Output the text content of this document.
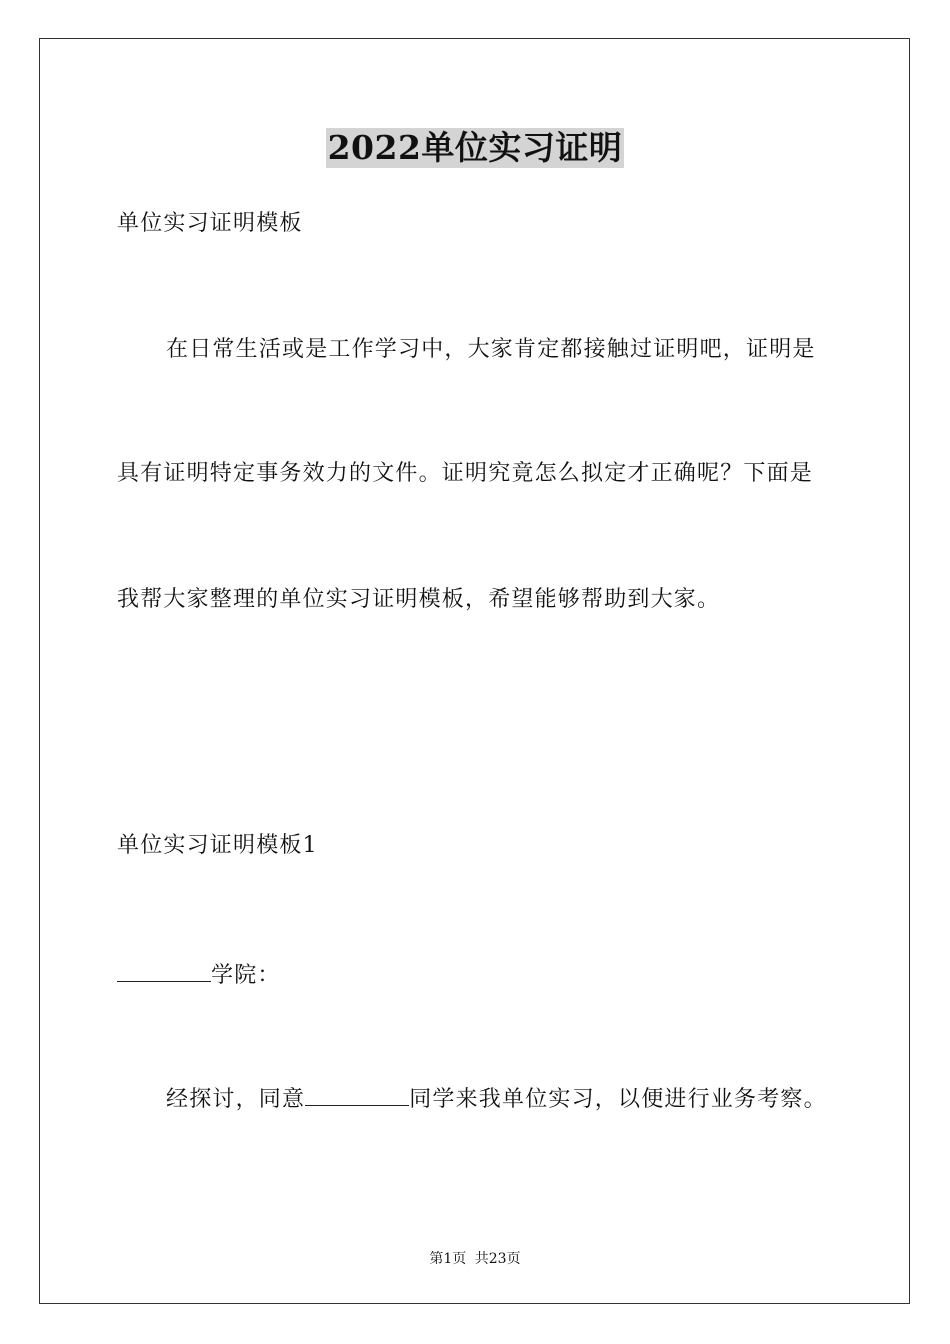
2022单位实习证明
单位实习证明模板
在日常生活或是工作学习中，大家肯定都接触过证明吧，证明是
具有证明特定事务效力的文件。证明究竟怎么拟定才正确呢？下面是
我帮大家整理的单位实习证明模板，希望能够帮助到大家。
单位实习证明模板1
学院：
经探讨，同意	同学来我单位实习，以便进行业务考察。
第1页 共23页
